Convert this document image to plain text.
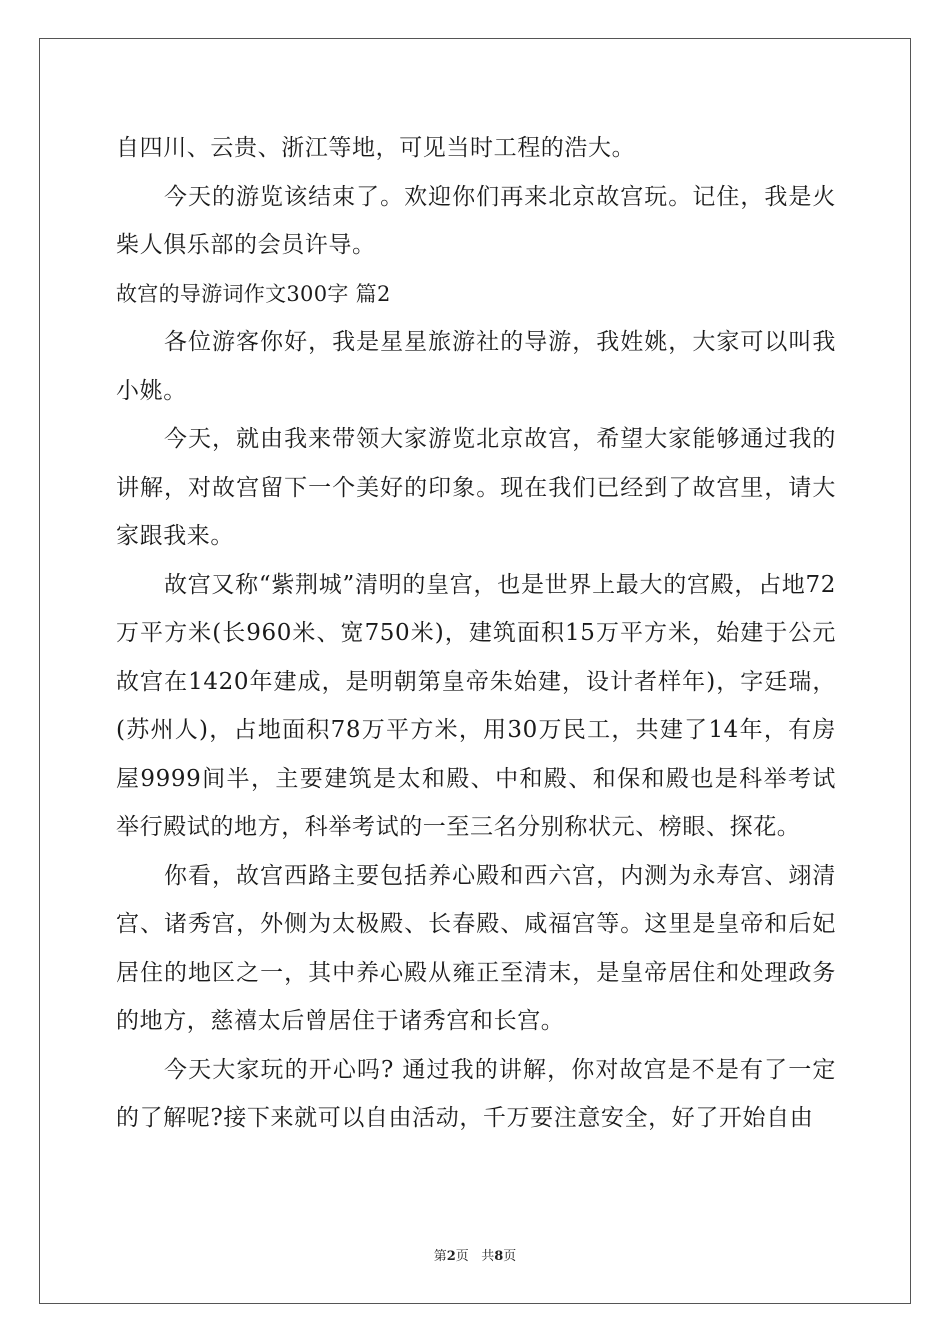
自四川、云贵、浙江等地，可见当时工程的浩大。

今天的游览该结束了。欢迎你们再来北京故宫玩。记住，我是火柴人俱乐部的会员许导。

故宫的导游词作文300字 篇2

各位游客你好，我是星星旅游社的导游，我姓姚，大家可以叫我小姚。

今天，就由我来带领大家游览北京故宫，希望大家能够通过我的讲解，对故宫留下一个美好的印象。现在我们已经到了故宫里，请大家跟我来。

故宫又称“紫荆城”清明的皇宫，也是世界上最大的宫殿，占地72万平方米(长960米、宽750米)，建筑面积15万平方米，始建于公元故宫在1420年建成，是明朝第皇帝朱始建，设计者样年)，字廷瑞，(苏州人)，占地面积78万平方米，用30万民工，共建了14年，有房屋9999间半，主要建筑是太和殿、中和殿、和保和殿也是科举考试举行殿试的地方，科举考试的一至三名分别称状元、榜眼、探花。

你看，故宫西路主要包括养心殿和西六宫，内测为永寿宫、翊清宫、诸秀宫，外侧为太极殿、长春殿、咸福宫等。这里是皇帝和后妃居住的地区之一，其中养心殿从雍正至清末，是皇帝居住和处理政务的地方，慈禧太后曾居住于诸秀宫和长宫。

今天大家玩的开心吗? 通过我的讲解，你对故宫是不是有了一定的了解呢?接下来就可以自由活动，千万要注意安全，好了开始自由

第2页   共8页
